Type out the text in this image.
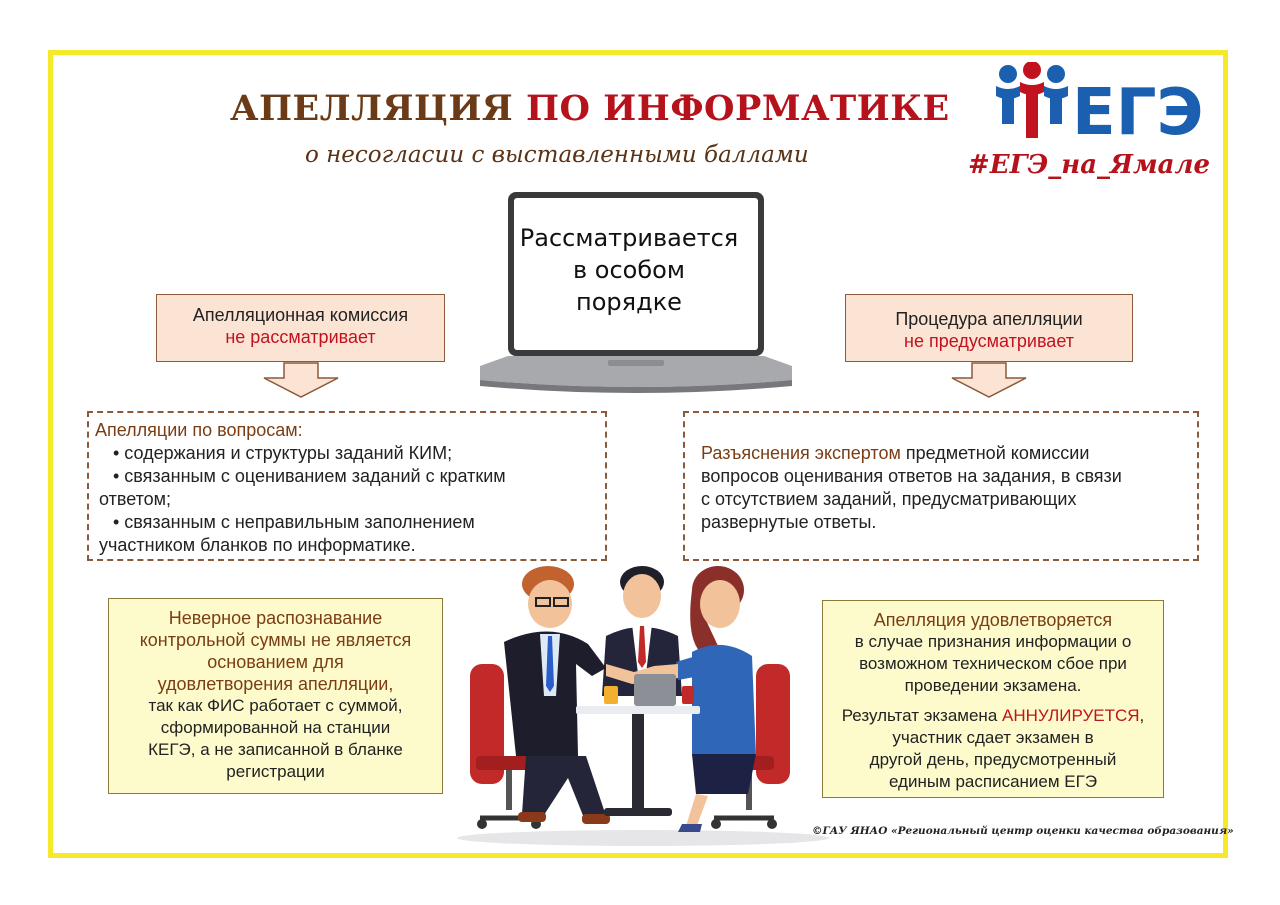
АПЕЛЛЯЦИЯ ПО ИНФОРМАТИКЕ
о несогласии с выставленными баллами
ЕГЭ
#ЕГЭ_на_Ямале
Рассматривается
в особом
порядке
Апелляционная комиссия
не рассматривает
Процедура апелляции
не предусматривает
Апелляции по вопросам:
• содержания и структуры заданий КИМ;
• связанным с оцениванием заданий с кратким
ответом;
• связанным с неправильным заполнением
участником бланков по информатике.
Разъяснения экспертом предметной комиссии
вопросов оценивания ответов на задания, в связи
с отсутствием заданий, предусматривающих
развернутые ответы.
Неверное распознавание
контрольной суммы не является
основанием для
удовлетворения апелляции,
так как ФИС работает с суммой,
сформированной на станции
КЕГЭ, а не записанной в бланке
регистрации
Апелляция удовлетворяется
в случае признания информации о
возможном техническом сбое при
проведении экзамена.
Результат экзамена АННУЛИРУЕТСЯ,
участник сдает экзамен в
другой день, предусмотренный
единым расписанием ЕГЭ
©ГАУ ЯНАО «Региональный центр оценки качества образования»
